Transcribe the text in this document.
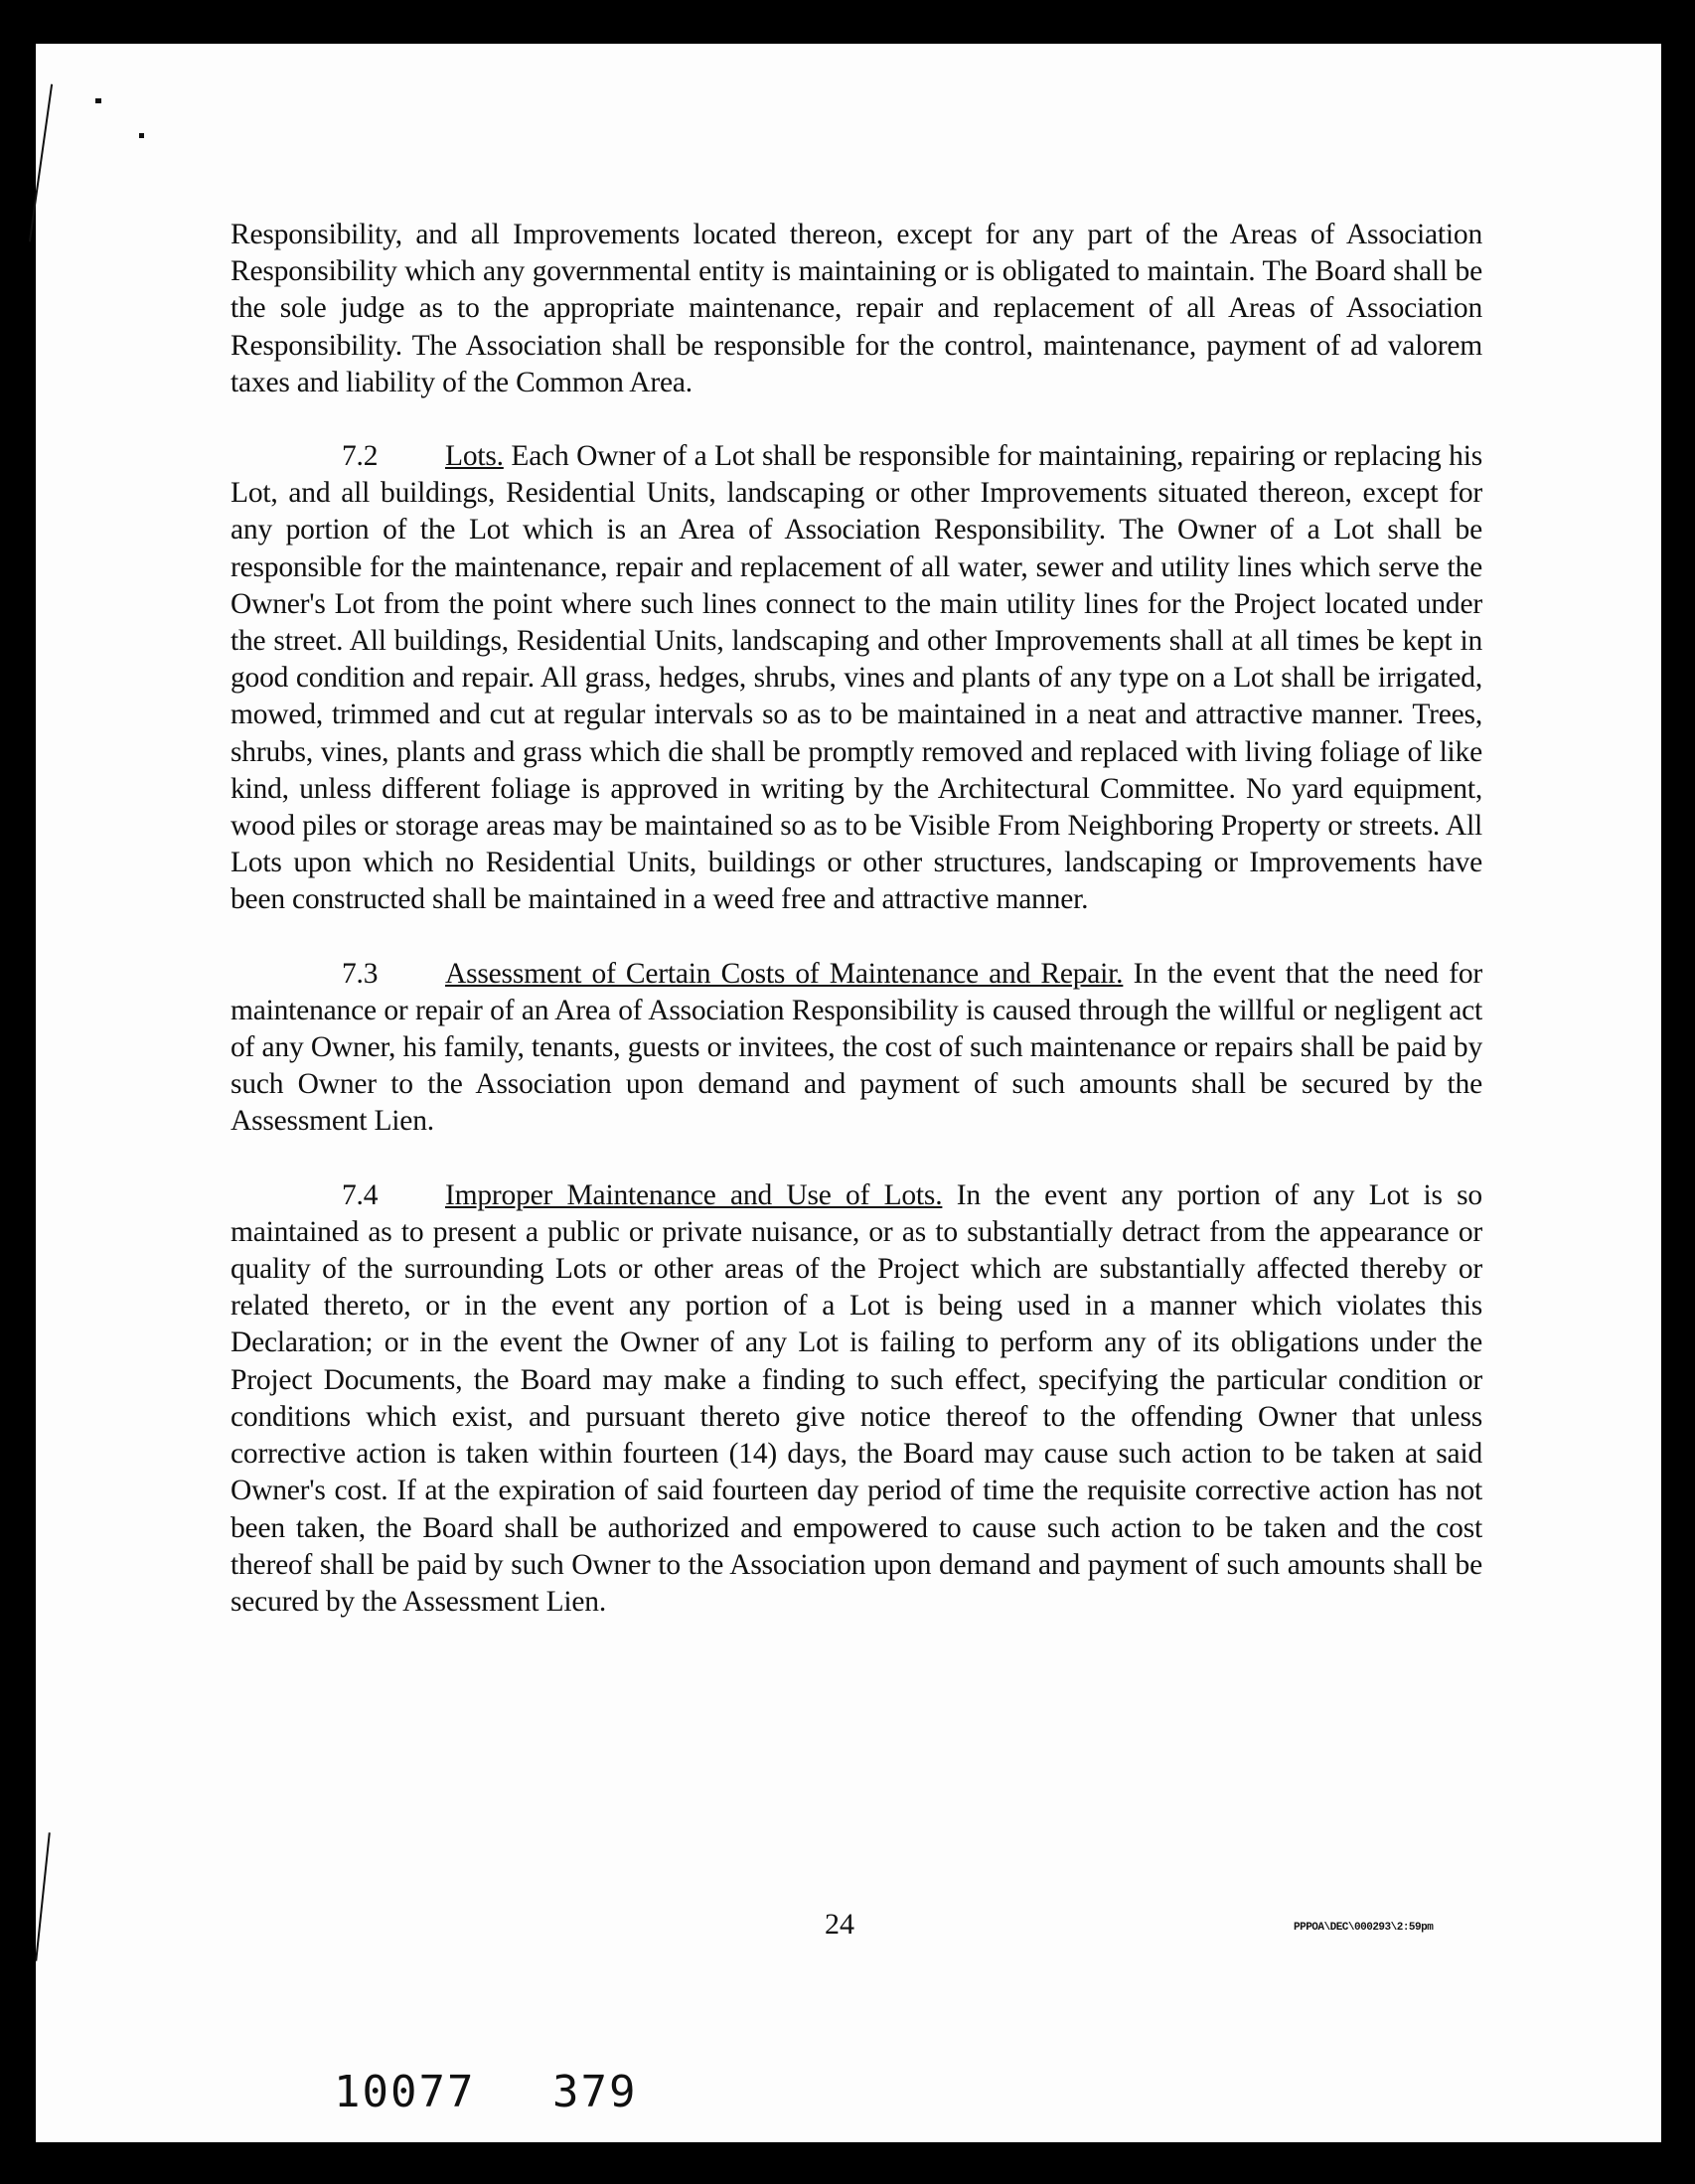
Responsibility, and all Improvements located thereon, except for any part of the Areas of Association Responsibility which any governmental entity is maintaining or is obligated to maintain. The Board shall be the sole judge as to the appropriate maintenance, repair and replacement of all Areas of Association Responsibility. The Association shall be responsible for the control, maintenance, payment of ad valorem taxes and liability of the Common Area.

7.2 Lots. Each Owner of a Lot shall be responsible for maintaining, repairing or replacing his Lot, and all buildings, Residential Units, landscaping or other Improvements situated thereon, except for any portion of the Lot which is an Area of Association Responsibility. The Owner of a Lot shall be responsible for the maintenance, repair and replacement of all water, sewer and utility lines which serve the Owner's Lot from the point where such lines connect to the main utility lines for the Project located under the street. All buildings, Residential Units, landscaping and other Improvements shall at all times be kept in good condition and repair. All grass, hedges, shrubs, vines and plants of any type on a Lot shall be irrigated, mowed, trimmed and cut at regular intervals so as to be maintained in a neat and attractive manner. Trees, shrubs, vines, plants and grass which die shall be promptly removed and replaced with living foliage of like kind, unless different foliage is approved in writing by the Architectural Committee. No yard equipment, wood piles or storage areas may be maintained so as to be Visible From Neighboring Property or streets. All Lots upon which no Residential Units, buildings or other structures, landscaping or Improvements have been constructed shall be maintained in a weed free and attractive manner.

7.3 Assessment of Certain Costs of Maintenance and Repair. In the event that the need for maintenance or repair of an Area of Association Responsibility is caused through the willful or negligent act of any Owner, his family, tenants, guests or invitees, the cost of such maintenance or repairs shall be paid by such Owner to the Association upon demand and payment of such amounts shall be secured by the Assessment Lien.

7.4 Improper Maintenance and Use of Lots. In the event any portion of any Lot is so maintained as to present a public or private nuisance, or as to substantially detract from the appearance or quality of the surrounding Lots or other areas of the Project which are substantially affected thereby or related thereto, or in the event any portion of a Lot is being used in a manner which violates this Declaration; or in the event the Owner of any Lot is failing to perform any of its obligations under the Project Documents, the Board may make a finding to such effect, specifying the particular condition or conditions which exist, and pursuant thereto give notice thereof to the offending Owner that unless corrective action is taken within fourteen (14) days, the Board may cause such action to be taken at said Owner's cost. If at the expiration of said fourteen day period of time the requisite corrective action has not been taken, the Board shall be authorized and empowered to cause such action to be taken and the cost thereof shall be paid by such Owner to the Association upon demand and payment of such amounts shall be secured by the Assessment Lien.

24	PPPOA\DEC\000293\2:59pm
10077 379
